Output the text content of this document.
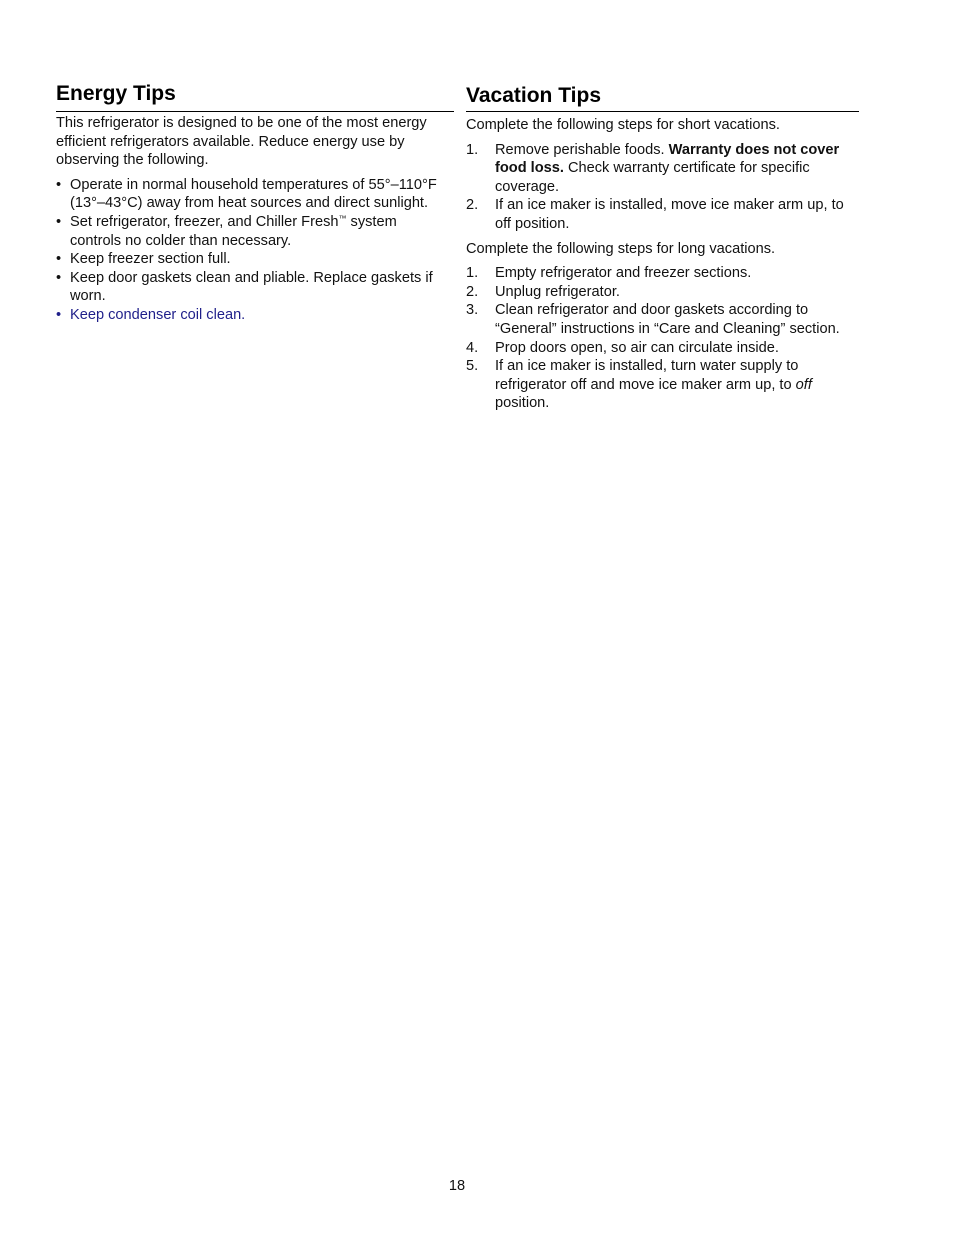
Energy Tips

This refrigerator is designed to be one of the most energy efficient refrigerators available. Reduce energy use by observing the following.

• Operate in normal household temperatures of 55°–110°F (13°–43°C) away from heat sources and direct sunlight.
• Set refrigerator, freezer, and Chiller Fresh™ system controls no colder than necessary.
• Keep freezer section full.
• Keep door gaskets clean and pliable. Replace gaskets if worn.
• Keep condenser coil clean.
Vacation Tips

Complete the following steps for short vacations.

1. Remove perishable foods. Warranty does not cover food loss. Check warranty certificate for specific coverage.
2. If an ice maker is installed, move ice maker arm up, to off position.

Complete the following steps for long vacations.

1. Empty refrigerator and freezer sections.
2. Unplug refrigerator.
3. Clean refrigerator and door gaskets according to “General” instructions in “Care and Cleaning” section.
4. Prop doors open, so air can circulate inside.
5. If an ice maker is installed, turn water supply to refrigerator off and move ice maker arm up, to off position.
18
